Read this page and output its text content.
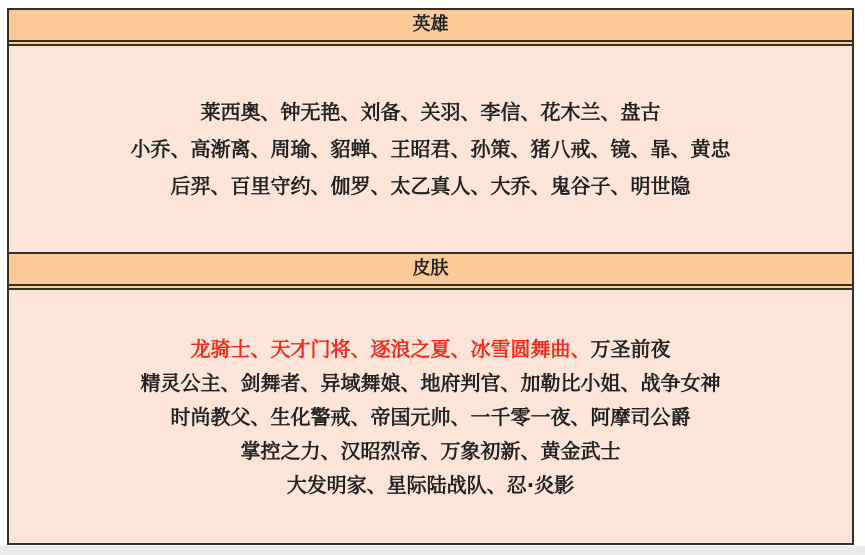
英雄
莱西奥、钟无艳、刘备、关羽、李信、花木兰、盘古
小乔、高渐离、周瑜、貂蝉、王昭君、孙策、猪八戒、镜、暃、黄忠
后羿、百里守约、伽罗、太乙真人、大乔、鬼谷子、明世隐
皮肤
龙骑士、天才门将、逐浪之夏、冰雪圆舞曲、万圣前夜
精灵公主、剑舞者、异域舞娘、地府判官、加勒比小姐、战争女神
时尚教父、生化警戒、帝国元帅、一千零一夜、阿摩司公爵
掌控之力、汉昭烈帝、万象初新、黄金武士
大发明家、星际陆战队、忍·炎影
